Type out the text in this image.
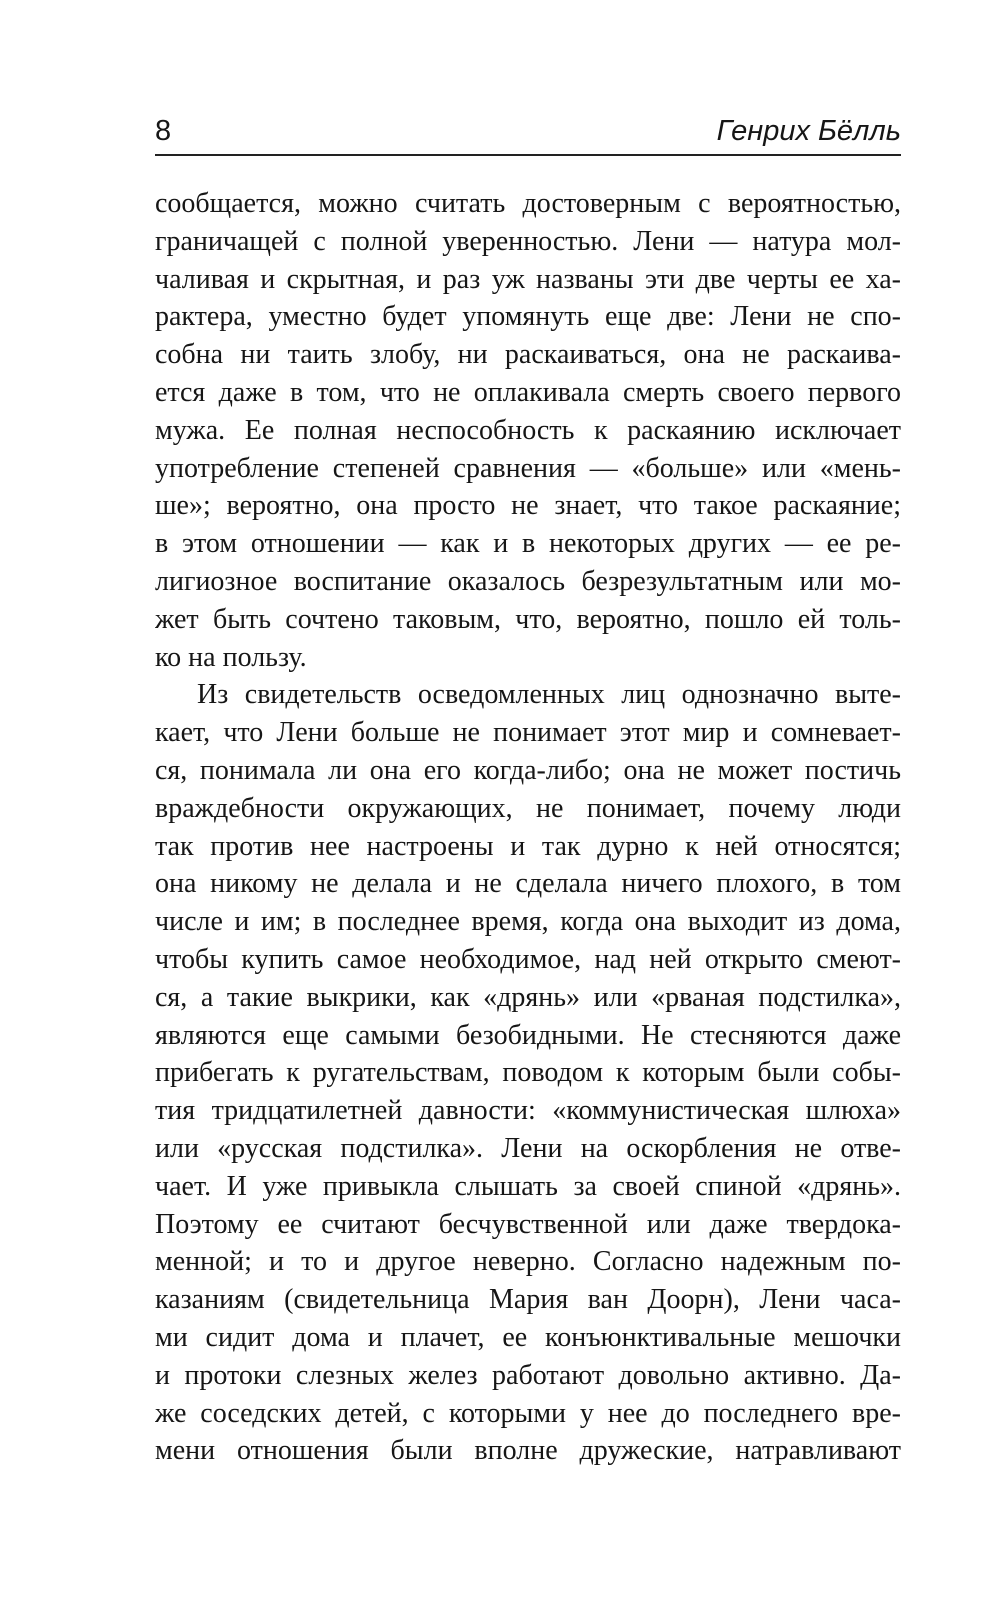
8	Генрих Бёлль
сообщается, можно считать достоверным с вероятностью,
граничащей с полной уверенностью. Лени — натура мол-
чаливая и скрытная, и раз уж названы эти две черты ее ха-
рактера, уместно будет упомянуть еще две: Лени не спо-
собна ни таить злобу, ни раскаиваться, она не раскаива-
ется даже в том, что не оплакивала смерть своего первого
мужа. Ее полная неспособность к раскаянию исключает
употребление степеней сравнения — «больше» или «мень-
ше»; вероятно, она просто не знает, что такое раскаяние;
в этом отношении — как и в некоторых других — ее ре-
лигиозное воспитание оказалось безрезультатным или мо-
жет быть сочтено таковым, что, вероятно, пошло ей толь-
ко на пользу.
Из свидетельств осведомленных лиц однозначно выте-
кает, что Лени больше не понимает этот мир и сомневает-
ся, понимала ли она его когда-либо; она не может постичь
враждебности окружающих, не понимает, почему люди
так против нее настроены и так дурно к ней относятся;
она никому не делала и не сделала ничего плохого, в том
числе и им; в последнее время, когда она выходит из дома,
чтобы купить самое необходимое, над ней открыто смеют-
ся, а такие выкрики, как «дрянь» или «рваная подстилка»,
являются еще самыми безобидными. Не стесняются даже
прибегать к ругательствам, поводом к которым были собы-
тия тридцатилетней давности: «коммунистическая шлюха»
или «русская подстилка». Лени на оскорбления не отве-
чает. И уже привыкла слышать за своей спиной «дрянь».
Поэтому ее считают бесчувственной или даже твердока-
менной; и то и другое неверно. Согласно надежным по-
казаниям (свидетельница Мария ван Доорн), Лени часа-
ми сидит дома и плачет, ее конъюнктивальные мешочки
и протоки слезных желез работают довольно активно. Да-
же соседских детей, с которыми у нее до последнего вре-
мени отношения были вполне дружеские, натравливают
